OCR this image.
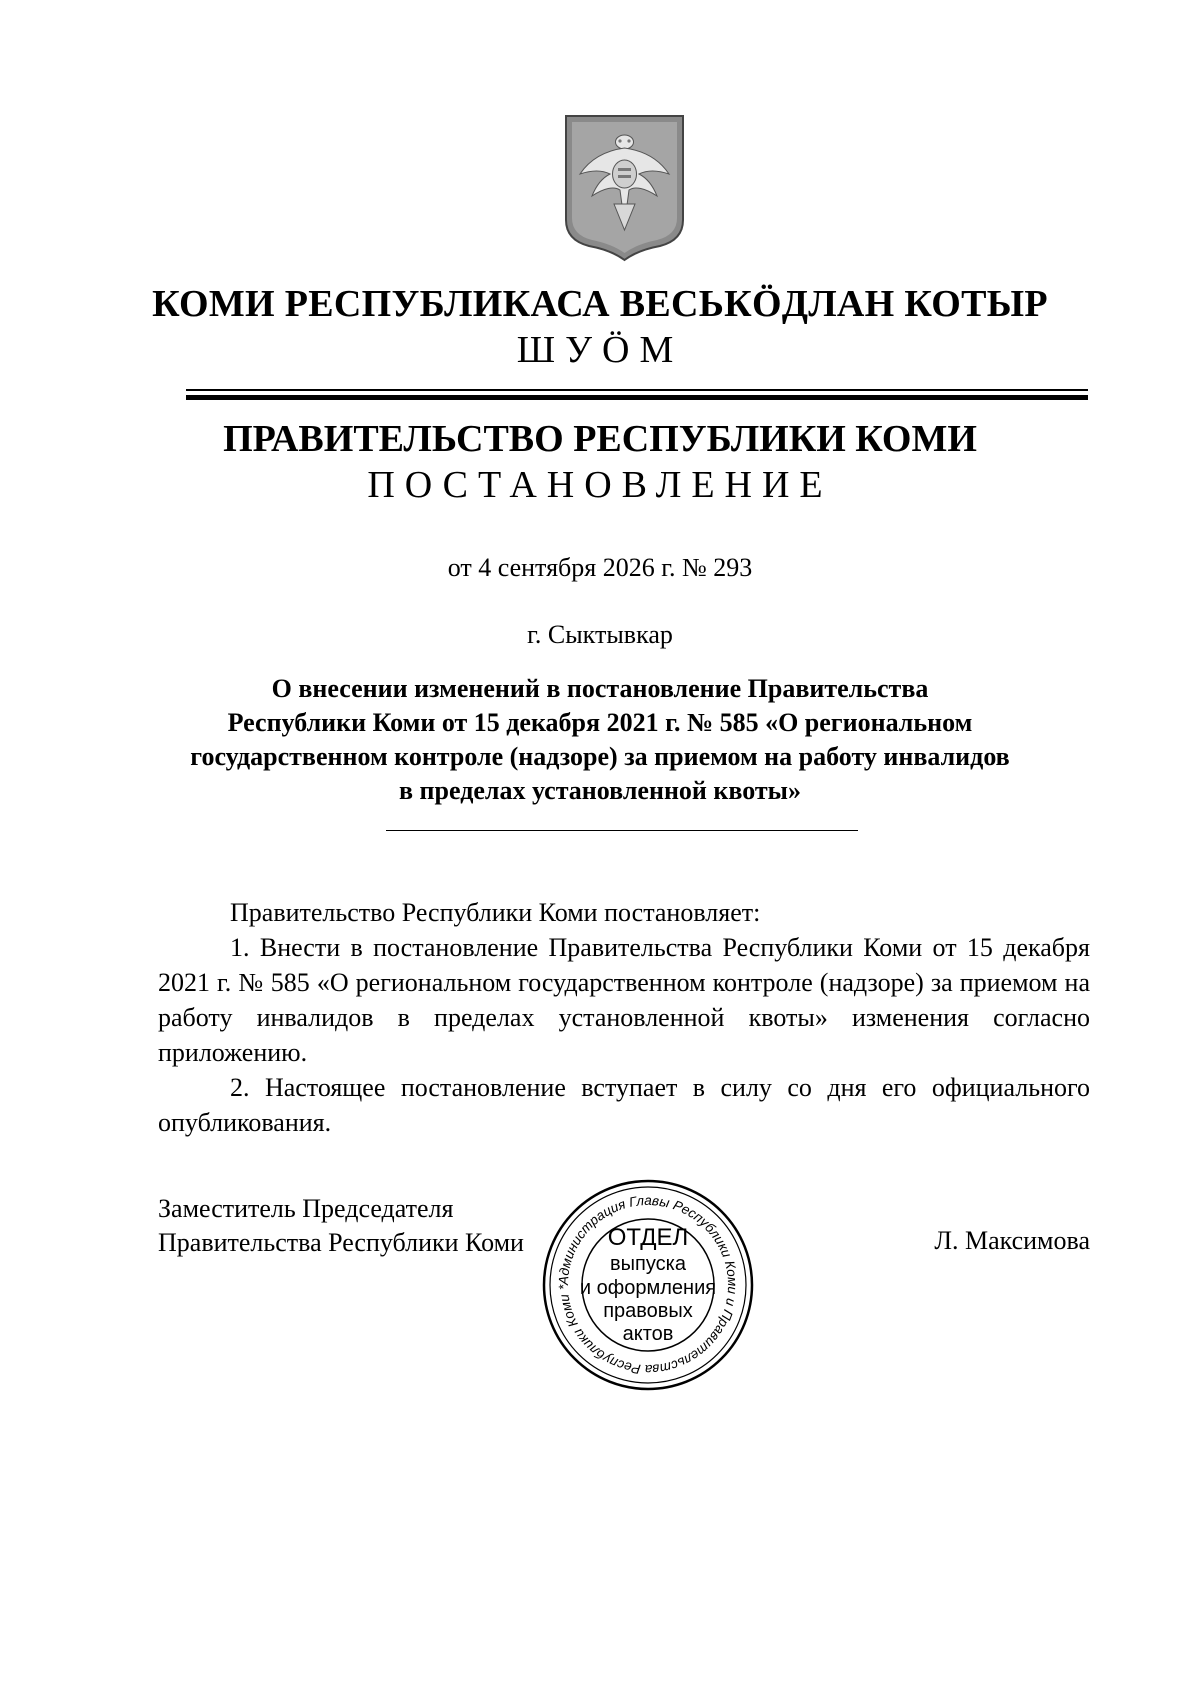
КОМИ РЕСПУБЛИКАСА ВЕСЬКӦДЛАН КОТЫР
ШУӦМ
ПРАВИТЕЛЬСТВО РЕСПУБЛИКИ КОМИ
ПОСТАНОВЛЕНИЕ
от 4 сентября 2026 г. № 293
г. Сыктывкар
О внесении изменений в постановление Правительства
Республики Коми от 15 декабря 2021 г. № 585 «О региональном
государственном контроле (надзоре) за приемом на работу инвалидов
в пределах установленной квоты»

Правительство Республики Коми постановляет:

1. Внести в постановление Правительства Республики Коми от 15 декабря 2021 г. № 585 «О региональном государственном контроле (надзоре) за приемом на работу инвалидов в пределах установленной квоты» изменения согласно приложению.

2. Настоящее постановление вступает в силу со дня его официального опубликования.

Заместитель Председателя
Правительства Республики Коми	Л. Максимова
Администрация Главы Республики Коми и Правительства Республики Коми *
ОТДЕЛ
выпуска
и оформления
правовых
актов
